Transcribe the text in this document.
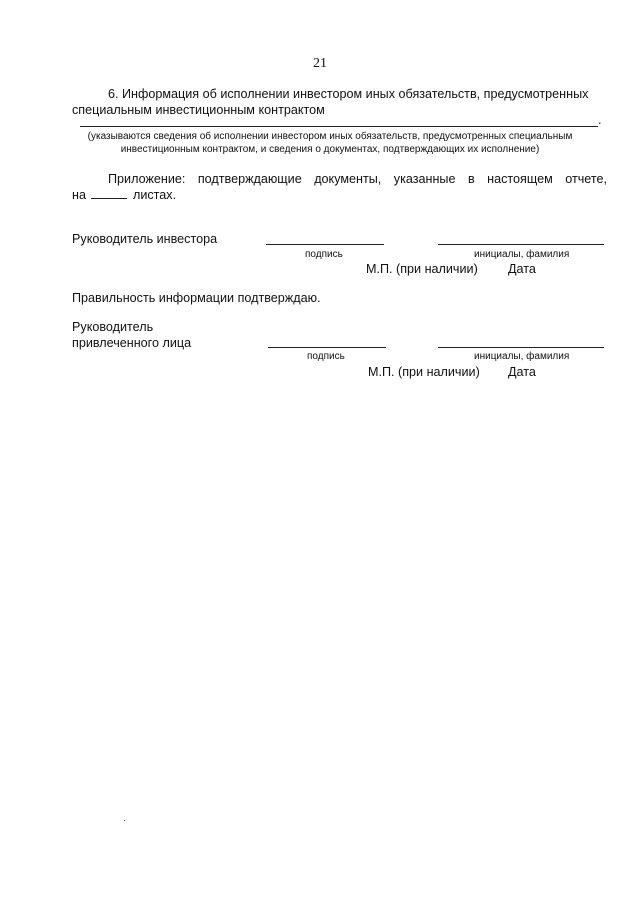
21
6. Информация об исполнении инвестором иных обязательств, предусмотренных
специальным инвестиционным контрактом
.
(указываются сведения об исполнении инвестором иных обязательств, предусмотренных специальным
инвестиционным контрактом, и сведения о документах, подтверждающих их исполнение)
Приложение: подтверждающие документы, указанные в настоящем отчете,
на	листах.
Руководитель инвестора
подпись	инициалы, фамилия
М.П. (при наличии) Дата
Правильность информации подтверждаю.
Руководитель
привлеченного лица
подпись	инициалы, фамилия
М.П. (при наличии) Дата
